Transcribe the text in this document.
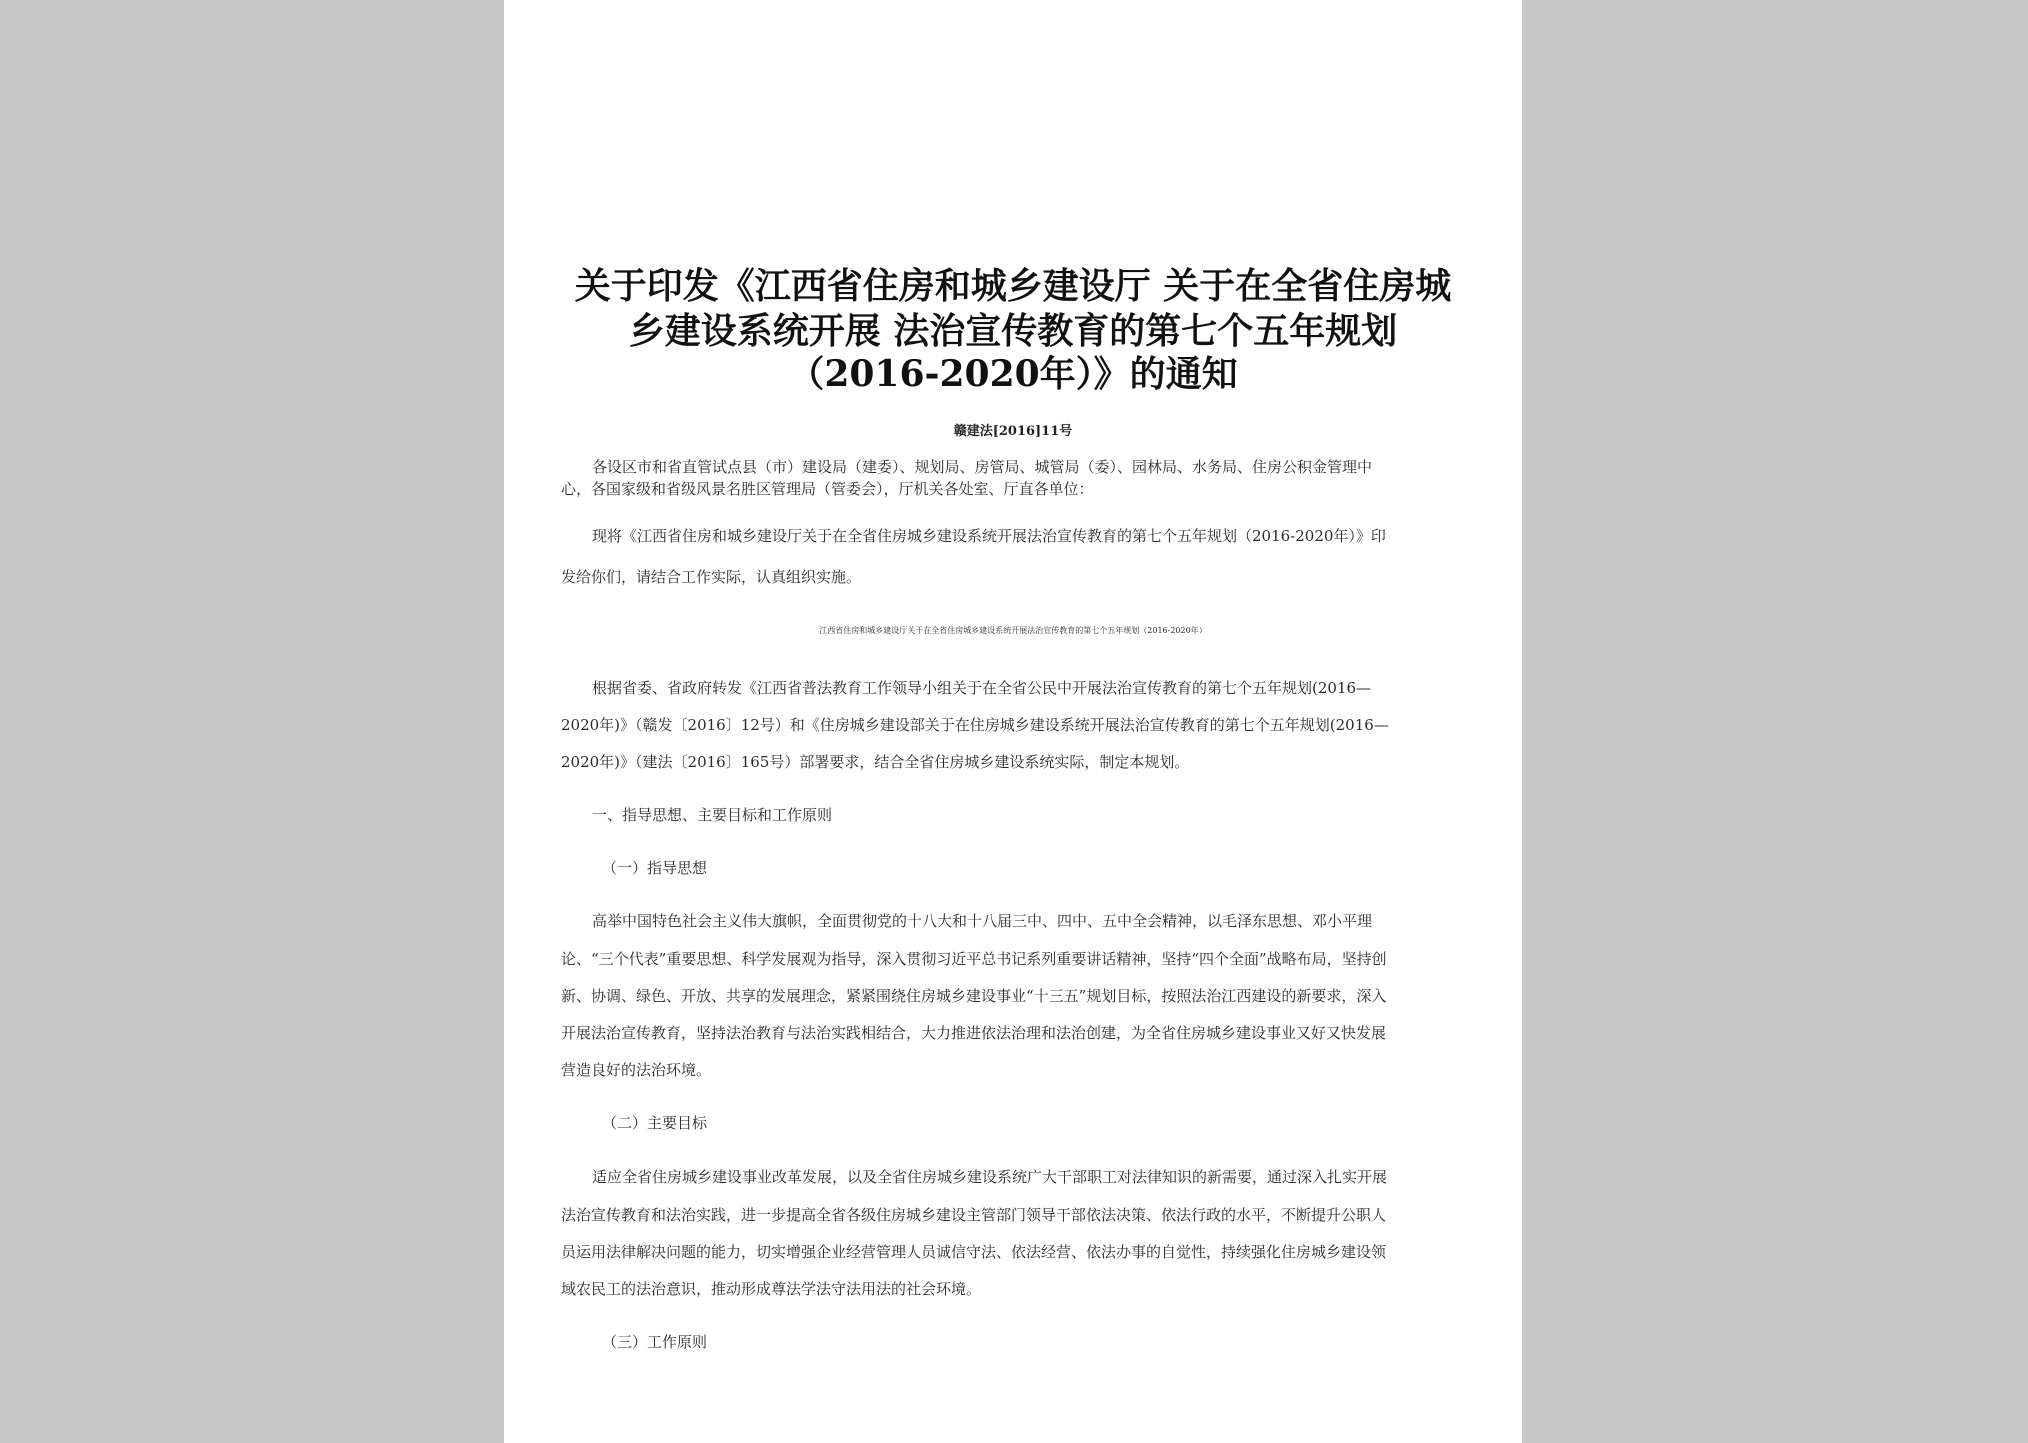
关于印发《江西省住房和城乡建设厅 关于在全省住房城
乡建设系统开展 法治宣传教育的第七个五年规划
（2016-2020年）》的通知
赣建法[2016]11号
各设区市和省直管试点县（市）建设局（建委）、规划局、房管局、城管局（委）、园林局、水务局、住房公积金管理中
心，各国家级和省级风景名胜区管理局（管委会），厅机关各处室、厅直各单位：
现将《江西省住房和城乡建设厅关于在全省住房城乡建设系统开展法治宣传教育的第七个五年规划（2016-2020年）》印
发给你们，请结合工作实际，认真组织实施。
江西省住房和城乡建设厅关于在全省住房城乡建设系统开展法治宣传教育的第七个五年规划（2016-2020年）
根据省委、省政府转发《江西省普法教育工作领导小组关于在全省公民中开展法治宣传教育的第七个五年规划(2016—
2020年)》（赣发〔2016〕12号）和《住房城乡建设部关于在住房城乡建设系统开展法治宣传教育的第七个五年规划(2016—
2020年)》（建法〔2016〕165号）部署要求，结合全省住房城乡建设系统实际，制定本规划。
一、指导思想、主要目标和工作原则
（一）指导思想
高举中国特色社会主义伟大旗帜，全面贯彻党的十八大和十八届三中、四中、五中全会精神，以毛泽东思想、邓小平理
论、“三个代表”重要思想、科学发展观为指导，深入贯彻习近平总书记系列重要讲话精神，坚持“四个全面”战略布局，坚持创
新、协调、绿色、开放、共享的发展理念，紧紧围绕住房城乡建设事业“十三五”规划目标，按照法治江西建设的新要求，深入
开展法治宣传教育，坚持法治教育与法治实践相结合，大力推进依法治理和法治创建，为全省住房城乡建设事业又好又快发展
营造良好的法治环境。
（二）主要目标
适应全省住房城乡建设事业改革发展，以及全省住房城乡建设系统广大干部职工对法律知识的新需要，通过深入扎实开展
法治宣传教育和法治实践，进一步提高全省各级住房城乡建设主管部门领导干部依法决策、依法行政的水平，不断提升公职人
员运用法律解决问题的能力，切实增强企业经营管理人员诚信守法、依法经营、依法办事的自觉性，持续强化住房城乡建设领
域农民工的法治意识，推动形成尊法学法守法用法的社会环境。
（三）工作原则
